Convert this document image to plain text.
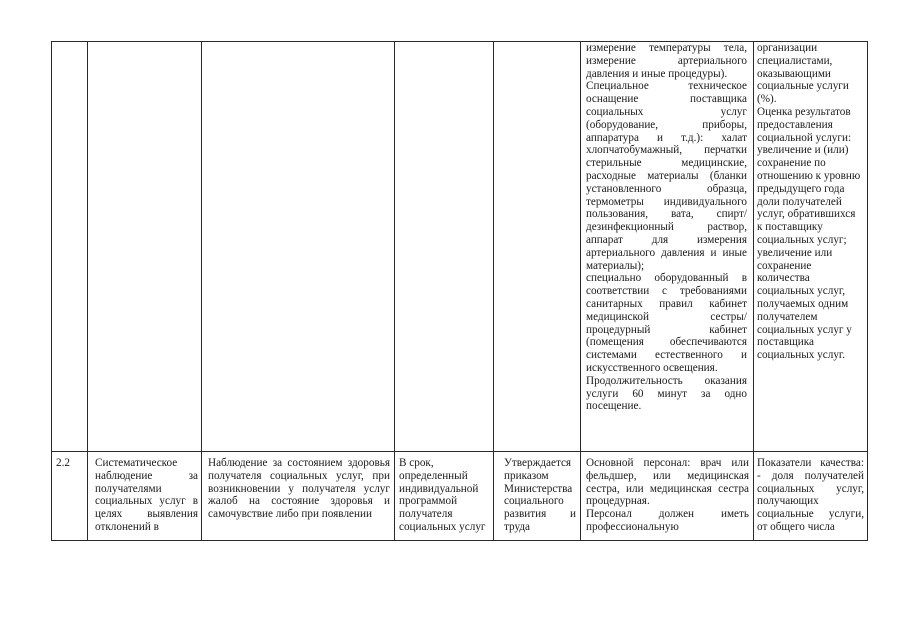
измерение температуры тела, измерение артериального давления и иные процедуры).

Специальное техническое оснащение поставщика социальных услуг (оборудование, приборы, аппаратура и т.д.): халат хлопчатобумажный, перчатки стерильные медицинские, расходные материалы (бланки установленного образца, термометры индивидуального пользования, вата, спирт/ дезинфекционный раствор, аппарат для измерения артериального давления и иные материалы);

специально оборудованный в соответствии с требованиями санитарных правил кабинет медицинской сестры/процедурный кабинет (помещения обеспечиваются системами естественного и искусственного освещения.

Продолжительность оказания услуги 60 минут за одно посещение.

организации специалистами, оказывающими социальные услуги (%).

Оценка результатов предоставления социальной услуги: увеличение и (или) сохранение по отношению к уровню предыдущего года доли получателей услуг, обратившихся к поставщику социальных услуг; увеличение или сохранение количества социальных услуг, получаемых одним получателем социальных услуг у поставщика социальных услуг.

2.2	Систематическое наблюдение за получателями социальных услуг в целях выявления отклонений в
Наблюдение за состоянием здоровья получателя социальных услуг, при возникновении у получателя услуг жалоб на состояние здоровья и самочувствие либо при появлении
В срок, определенный индивидуальной программой получателя социальных услуг
Утверждается приказом Министерства социального развития и труда

Основной персонал: врач или фельдшер, или медицинская сестра, или медицинская сестра процедурная.

Персонал должен иметь профессиональную

Показатели качества: - доля получателей социальных услуг, получающих социальные услуги, от общего числа
